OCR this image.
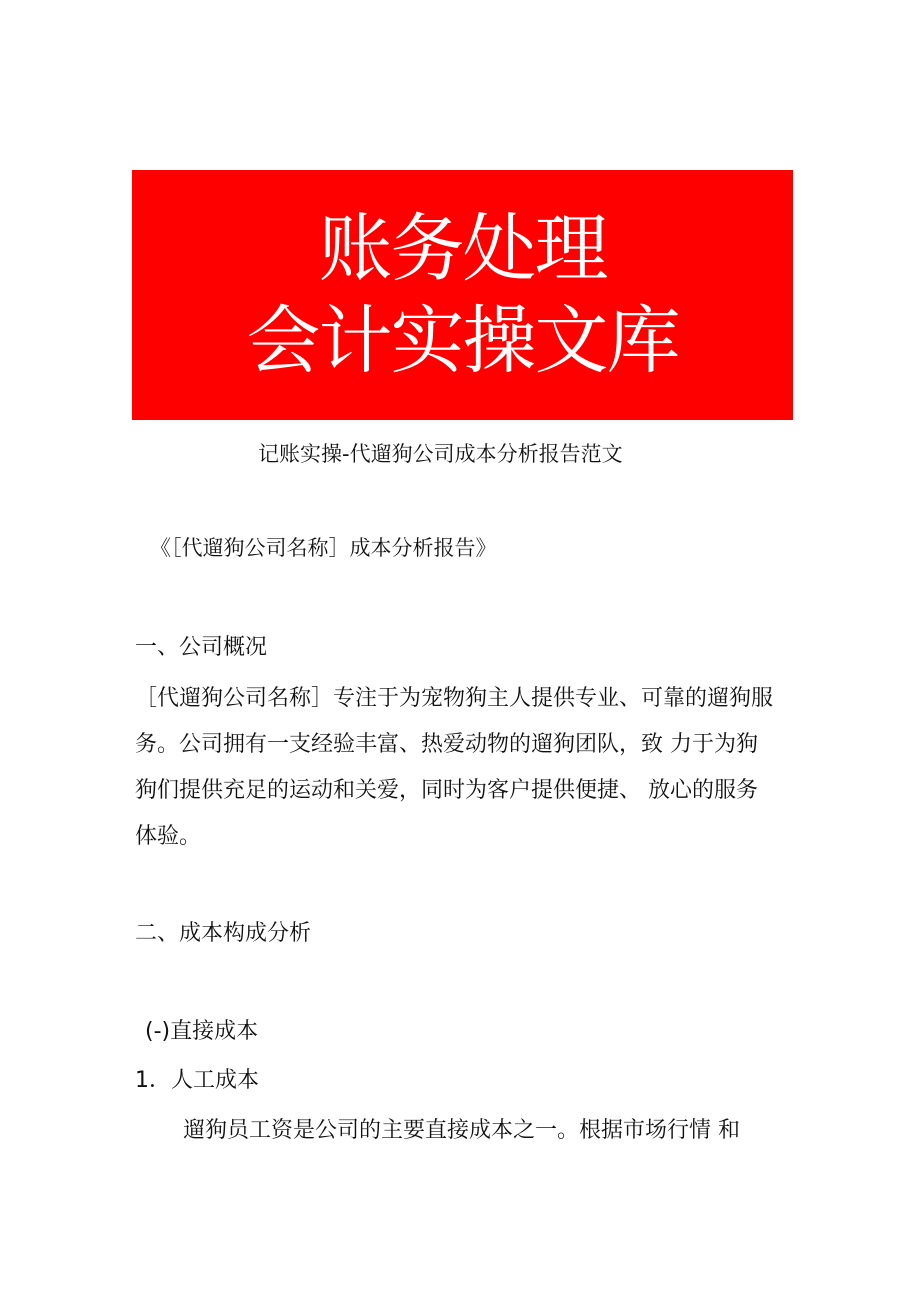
账务处理
会计实操文库
记账实操-代遛狗公司成本分析报告范文
《［代遛狗公司名称］成本分析报告》
一、公司概况
［代遛狗公司名称］专注于为宠物狗主人提供专业、可靠的遛狗服务。公司拥有一支经验丰富、热爱动物的遛狗团队，致 力于为狗狗们提供充足的运动和关爱，同时为客户提供便捷、 放心的服务体验。
二、成本构成分析
(-)直接成本
1．人工成本
遛狗员工资是公司的主要直接成本之一。根据市场行情 和
